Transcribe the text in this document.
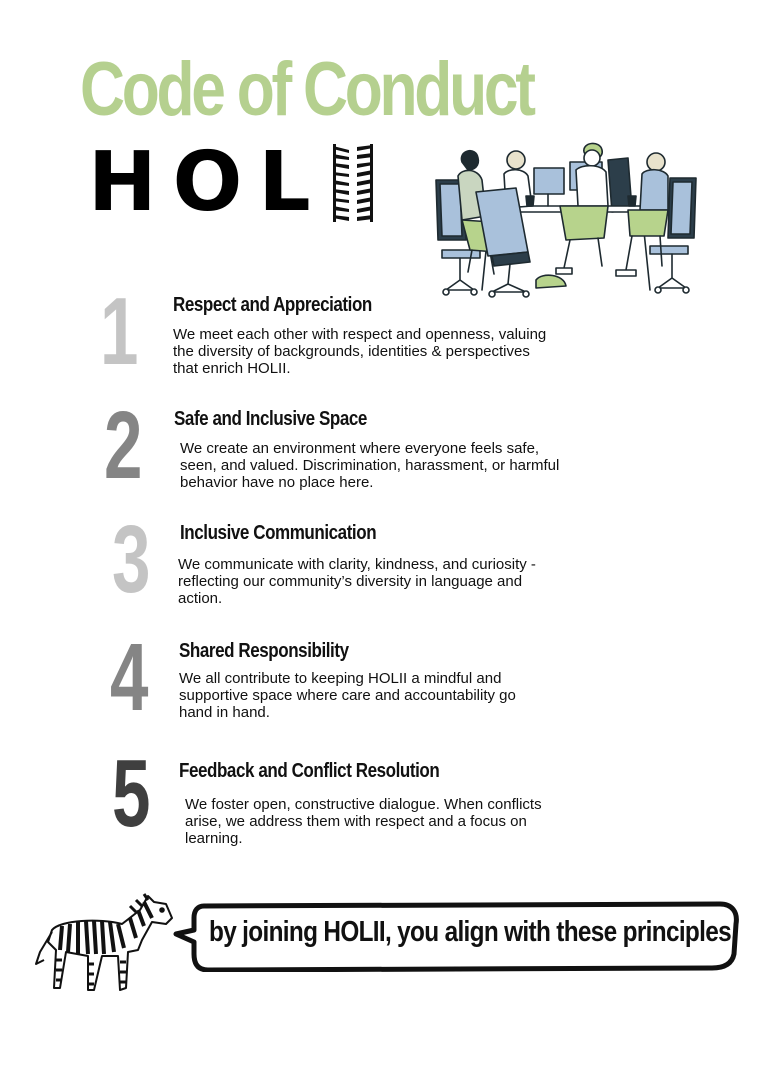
Code of Conduct
HOL
1 Respect and Appreciation

We meet each other with respect and openness, valuing the diversity of backgrounds, identities & perspectives that enrich HOLII.

2 Safe and Inclusive Space

We create an environment where everyone feels safe, seen, and valued. Discrimination, harassment, or harmful behavior have no place here.

3 Inclusive Communication

We communicate with clarity, kindness, and curiosity - reflecting our community’s diversity in language and action.

4 Shared Responsibility

We all contribute to keeping HOLII a mindful and supportive space where care and accountability go hand in hand.

5 Feedback and Conflict Resolution

We foster open, constructive dialogue. When conflicts arise, we address them with respect and a focus on learning.

by joining HOLII, you align with these principles.
